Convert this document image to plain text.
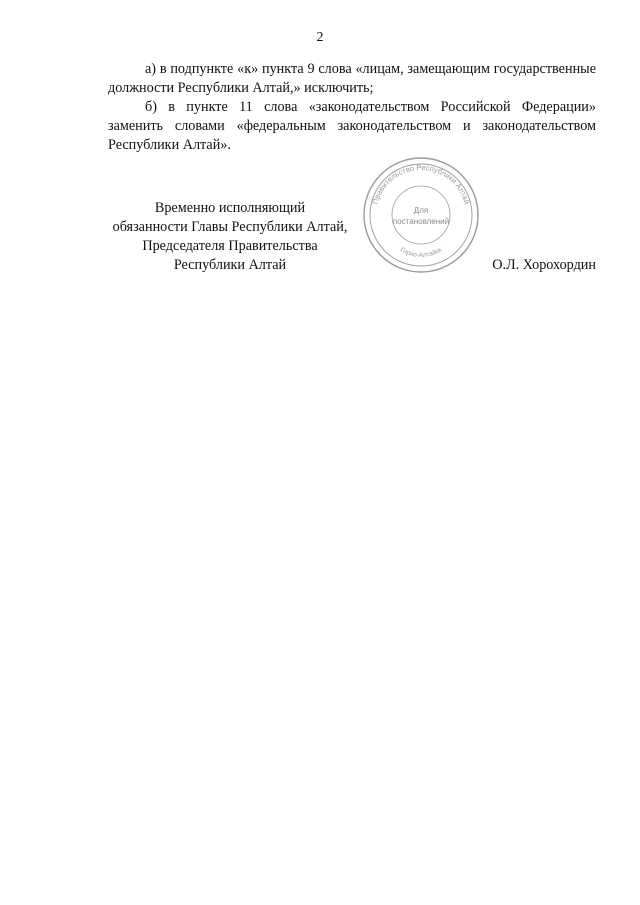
2

а) в подпункте «к» пункта 9 слова «лицам, замещающим государственные должности Республики Алтай,» исключить;

б) в пункте 11 слова «законодательством Российской Федерации» заменить словами «федеральным законодательством и законодательством Республики Алтай».

Временно исполняющий
обязанности Главы Республики Алтай,
Председателя Правительства
Республики Алтай	О.Л. Хорохордин
Правительство Республики Алтай
Горно-Алтайск
Для
постановлений
